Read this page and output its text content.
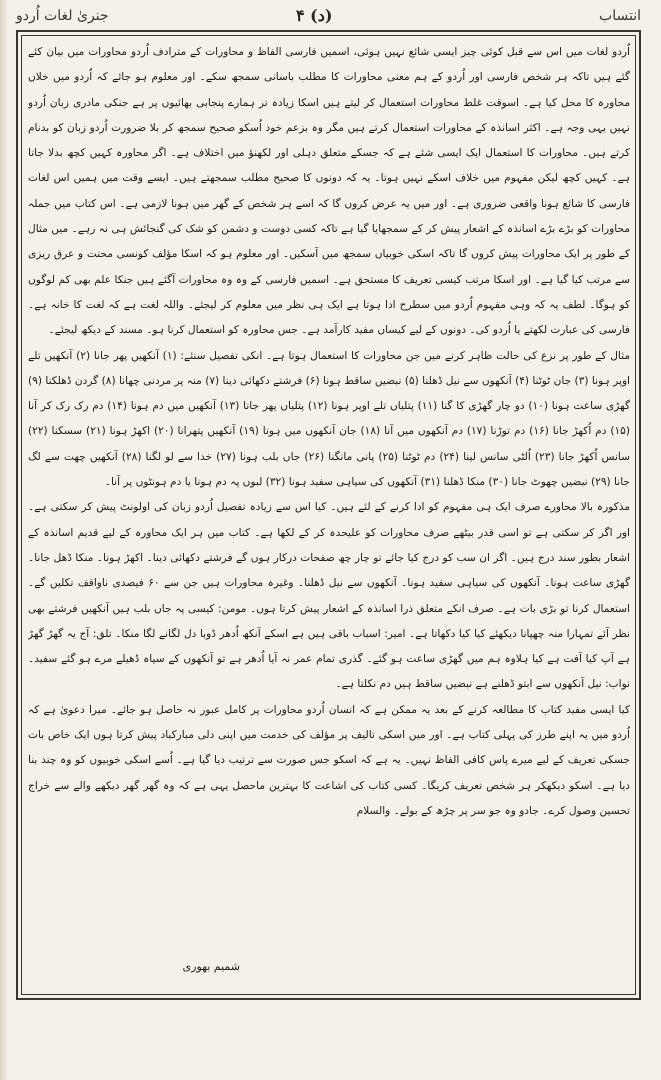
جنریٰ لغات اُردو	۴ (د)	انتساب

اُردو لغات میں اس سے قبل کوئی چیز ایسی شائع نہیں ہوئی، اسمیں فارسی الفاظ و محاورات کے مترادف اُردو محاورات میں بیان کئے گئے ہیں تاکہ ہر شخص فارسی اور اُردو کے ہم معنی محاورات کا مطلب باسانی سمجھ سکے۔ اور معلوم ہو جائے کہ اُردو میں خلاں محاورہ کا محل کیا ہے۔ اسوقت غلط محاورات استعمال کر لیتے ہیں اسکا زیادہ تر ہمارے پنجابی بھائیوں پر ہے جنکی مادری زبان اُردو نہیں یہی وجہ ہے۔ اکثر اسانذہ کے محاورات استعمال کرتے ہیں مگر وہ بزعم خود اُسکو صحیح سمجھ کر بلا ضرورت اُردو زبان کو بدنام کرتے ہیں۔ محاورات کا استعمال ایک ایسی شئے ہے کہ جسکے متعلق دہلی اور لکھنؤ میں اختلاف ہے۔ اگر محاورہ کہیں کچھ بدلا جاتا ہے۔ کہیں کچھ لیکن مفہوم میں خلاف اسکے نہیں ہوتا۔ یہ کہ دونوں کا صحیح مطلب سمجھتے ہیں۔ ایسے وقت میں ہمیں اس لغات فارسی کا شائع ہونا واقعی ضروری ہے۔ اور میں یہ عرض کروں گا کہ اسے ہر شخص کے گھر میں ہونا لازمی ہے۔ اس کتاب میں جملہ محاورات کو بڑے بڑے اسانذہ کے اشعار پیش کر کے سمجھایا گیا ہے تاکہ کسی دوست و دشمن کو شک کی گنجائش ہی نہ رہے۔ میں مثال کے طور پر ایک محاورات پیش کروں گا تاکہ اسکی خوبیاں سمجھ میں آسکیں۔ اور معلوم ہو کہ اسکا مؤلف کونسی محنت و عرق ریزی سے مرتب کیا گیا ہے۔ اور اسکا مرتب کیسی تعریف کا مستحق ہے۔ اسمیں فارسی کے وہ وہ محاورات آگئے ہیں جنکا علم بھی کم لوگوں کو ہوگا۔ لطف یہ کہ وہی مفہوم اُردو میں سطرح ادا ہوتا ہے ایک ہی نظر میں معلوم کر لیجئے۔ واللہ لغت ہے کہ لغت کا خانہ ہے۔ فارسی کی عبارت لکھتے یا اُردو کی۔ دونوں کے لیے کیساں مفید کارآمد ہے۔ جس محاورہ کو استعمال کرنا ہو۔ مسند کے دیکھ لیجئے۔

مثال کے طور پر نزع کی حالت ظاہر کرنے میں جن محاورات کا استعمال ہوتا ہے۔ انکی تفصیل سنئے: (۱) آنکھیں پھر جانا (۲) آنکھیں تلے اوپر ہونا (۳) جان ٹوٹنا (۴) آنکھوں سے نیل ڈھلنا (۵) نبضیں ساقط ہونا (۶) فرشتے دکھائی دینا (۷) منہ پر مردنی چھانا (۸) گردن ڈھلکنا (۹) گھڑی ساعت ہونا (۱۰) دو چار گھڑی کا گنا (۱۱) پتلیاں تلے اوپر ہونا (۱۲) پتلیاں پھر جانا (۱۳) آنکھیں میں دم ہونا (۱۴) دم رک رک کر آنا (۱۵) دم اُکھڑ جانا (۱۶) دم توڑنا (۱۷) دم آنکھوں میں آنا (۱۸) جان آنکھوں میں ہونا (۱۹) آنکھیں پتھرانا (۲۰) اکھڑ ہونا (۲۱) سسکنا (۲۲) سانس اُکھڑ جانا (۲۳) اُلٹی سانس لینا (۲۴) دم ٹوٹنا (۲۵) پانی مانگنا (۲۶) جاں بلب ہونا (۲۷) خدا سے لو لگنا (۲۸) آنکھیں چھت سے لگ جانا (۲۹) نبضیں چھوٹ جانا (۳۰) منکا ڈھلنا (۳۱) آنکھوں کی سیاہی سفید ہونا (۳۲) لبوں پہ دم ہونا یا دم ہونٹوں پر آنا۔

مذکورہ بالا محاورے صرف ایک ہی مفہوم کو ادا کرنے کے لئے ہیں۔ کیا اس سے زیادہ تفصیل اُردو زبان کی اولونٹ پیش کر سکتی ہے۔ اور اگر کر سکتی ہے تو اسی قدر بیٹھے صرف محاورات کو علیحدہ کر کے لکھا ہے۔ کتاب میں ہر ایک محاورہ کے لیے قدیم اسانذہ کے اشعار بطور سند درج ہیں۔ اگر ان سب کو درج کیا جائے تو چار چھ صفحات درکار ہوں گے فرشتے دکھائی دینا۔ اکھڑ ہونا۔ منکا ڈھل جانا۔ گھڑی ساعت ہونا۔ آنکھوں کی سیاہی سفید ہونا۔ آنکھوں سے نیل ڈھلنا۔ وغیرہ محاورات ہیں جن سے ۶۰ فیصدی ناواقف نکلیں گے۔ استعمال کرنا تو بڑی بات ہے۔ صرف انکے متعلق ذرا اسانذہ کے اشعار پیش کرتا ہوں۔ مومن: کیسی پہ جاں بلب ہیں آنکھیں فرشتے بھی نظر آئے تمہارا منہ چھپانا دیکھئے کیا کیا دکھاتا ہے۔ امیر: اسباب باقی ہیں ہے اسکے آنکھ اُدھر ڈوبا دل لگانے لگا منکا۔ تلق: آج یہ گھڑ گھڑ ہے آپ کیا آفت ہے کیا ہلاوہ ہم میں گھڑی ساعت ہو گئے۔ گذری تمام عمر نہ آیا اُدھر ہے تو آنکھوں کے سیاہ ڈھیلے مرے ہو گئے سفید۔ نواب: نیل آنکھوں سے ابتو ڈھلنے ہے نبضیں ساقط ہیں دم نکلتا ہے۔

کیا ایسی مفید کتاب کا مطالعہ کرنے کے بعد یہ ممکن ہے کہ انسان اُردو محاورات پر کامل عبور نہ حاصل ہو جائے۔ میرا دعویٰ ہے کہ اُردو میں یہ اپنے طرز کی پہلی کتاب ہے۔ اور میں اسکی تالیف پر مؤلف کی خدمت میں اپنی دلی مبارکباد پیش کرتا ہوں ایک خاص بات جسکی تعریف کے لیے میرے پاس کافی الفاظ نہیں۔ یہ ہے کہ اسکو جس صورت سے ترتیب دیا گیا ہے۔ اُسے اسکی خوبیوں کو وہ چند بنا دیا ہے۔ اسکو دیکھکر ہر شخص تعریف کریگا۔ کسی کتاب کی اشاعت کا بہترین ماحصل یہی ہے کہ وہ گھر گھر دیکھے والے سے خراج تحسین وصول کرے۔ جادو وہ جو سر پر چڑھ کے بولے۔ والسلام

شمیم بھوری
